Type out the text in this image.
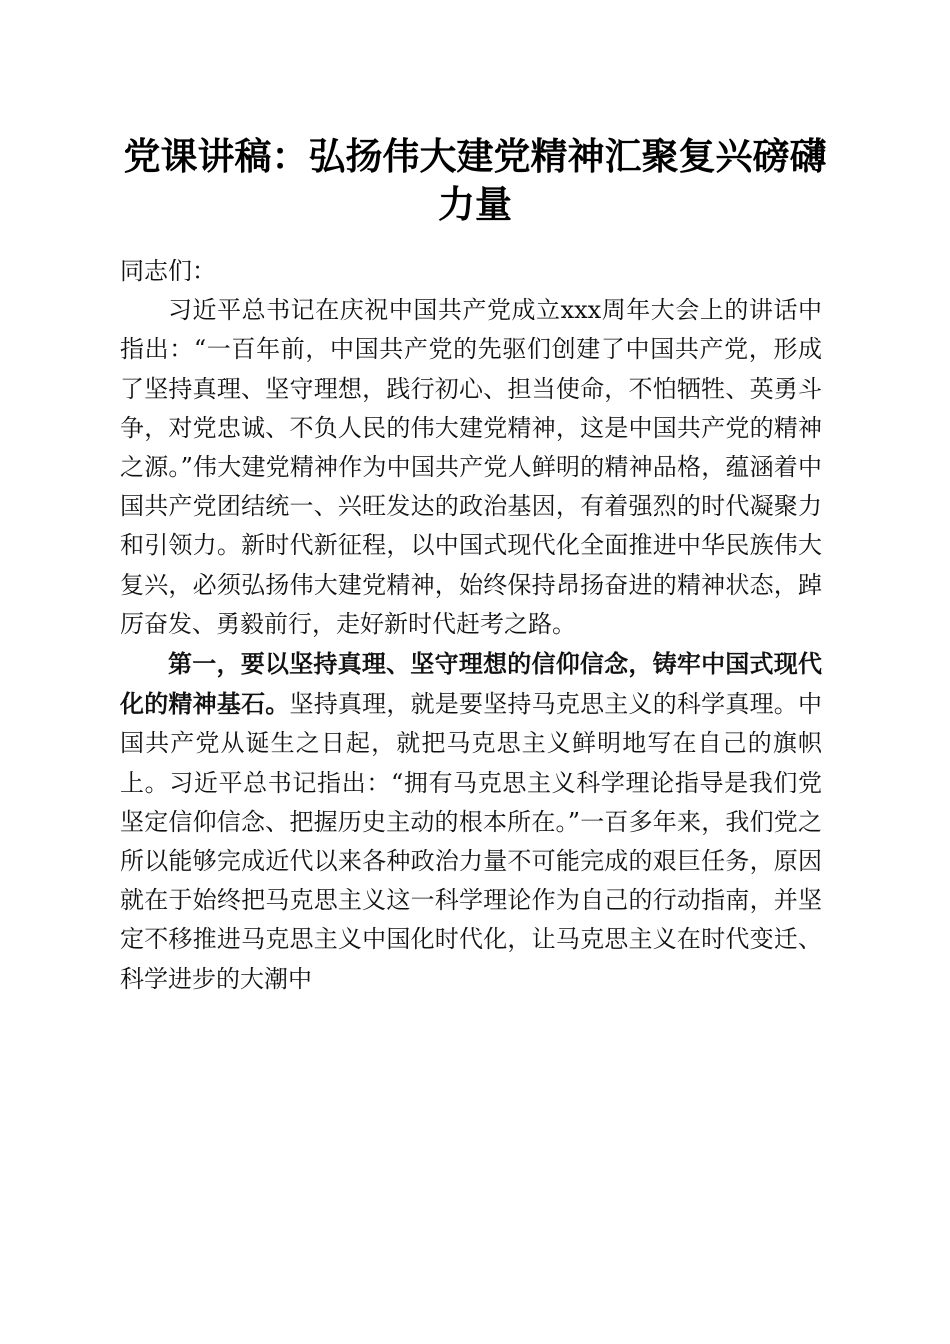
党课讲稿：弘扬伟大建党精神汇聚复兴磅礴力量

同志们：

习近平总书记在庆祝中国共产党成立xxx周年大会上的讲话中指出：“一百年前，中国共产党的先驱们创建了中国共产党，形成了坚持真理、坚守理想，践行初心、担当使命，不怕牺牲、英勇斗争，对党忠诚、不负人民的伟大建党精神，这是中国共产党的精神之源。”伟大建党精神作为中国共产党人鲜明的精神品格，蕴涵着中国共产党团结统一、兴旺发达的政治基因，有着强烈的时代凝聚力和引领力。新时代新征程，以中国式现代化全面推进中华民族伟大复兴，必须弘扬伟大建党精神，始终保持昂扬奋进的精神状态，踔厉奋发、勇毅前行，走好新时代赶考之路。

第一，要以坚持真理、坚守理想的信仰信念，铸牢中国式现代化的精神基石。坚持真理，就是要坚持马克思主义的科学真理。中国共产党从诞生之日起，就把马克思主义鲜明地写在自己的旗帜上。习近平总书记指出：“拥有马克思主义科学理论指导是我们党坚定信仰信念、把握历史主动的根本所在。”一百多年来，我们党之所以能够完成近代以来各种政治力量不可能完成的艰巨任务，原因就在于始终把马克思主义这一科学理论作为自己的行动指南，并坚定不移推进马克思主义中国化时代化，让马克思主义在时代变迁、科学进步的大潮中
